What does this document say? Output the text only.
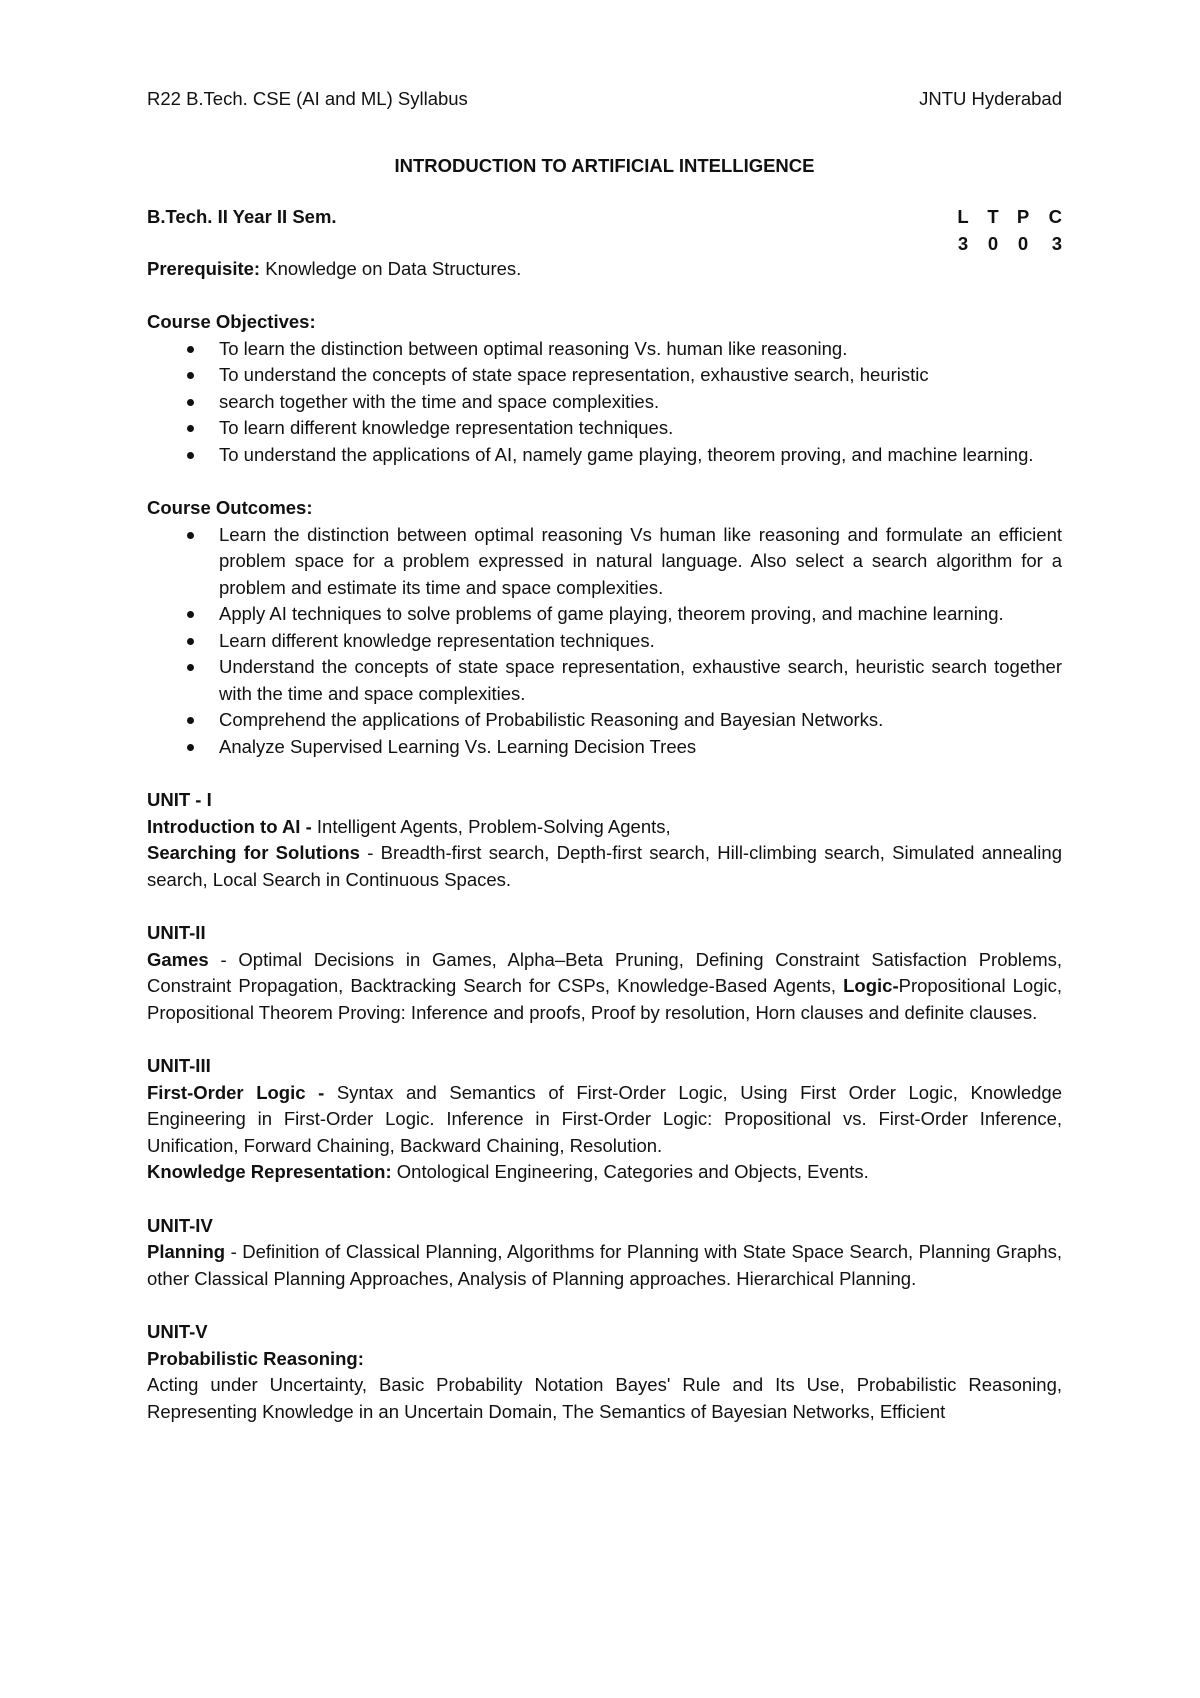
R22 B.Tech. CSE (AI and ML) Syllabus	JNTU Hyderabad
INTRODUCTION TO ARTIFICIAL INTELLIGENCE
B.Tech. II Year II Sem.	L	T	P	C
3	0	0	3
Prerequisite: Knowledge on Data Structures.
Course Objectives:
To learn the distinction between optimal reasoning Vs. human like reasoning.
To understand the concepts of state space representation, exhaustive search, heuristic
search together with the time and space complexities.
To learn different knowledge representation techniques.
To understand the applications of AI, namely game playing, theorem proving, and machine learning.
Course Outcomes:
Learn the distinction between optimal reasoning Vs human like reasoning and formulate an efficient problem space for a problem expressed in natural language. Also select a search algorithm for a problem and estimate its time and space complexities.
Apply AI techniques to solve problems of game playing, theorem proving, and machine learning.
Learn different knowledge representation techniques.
Understand the concepts of state space representation, exhaustive search, heuristic search together with the time and space complexities.
Comprehend the applications of Probabilistic Reasoning and Bayesian Networks.
Analyze Supervised Learning Vs. Learning Decision Trees

UNIT - I

Introduction to AI - Intelligent Agents, Problem-Solving Agents,

Searching for Solutions - Breadth-first search, Depth-first search, Hill-climbing search, Simulated annealing search, Local Search in Continuous Spaces.

UNIT-II

Games - Optimal Decisions in Games, Alpha–Beta Pruning, Defining Constraint Satisfaction Problems, Constraint Propagation, Backtracking Search for CSPs, Knowledge-Based Agents, Logic-Propositional Logic, Propositional Theorem Proving: Inference and proofs, Proof by resolution, Horn clauses and definite clauses.

UNIT-III

First-Order Logic - Syntax and Semantics of First-Order Logic, Using First Order Logic, Knowledge Engineering in First-Order Logic. Inference in First-Order Logic: Propositional vs. First-Order Inference, Unification, Forward Chaining, Backward Chaining, Resolution.

Knowledge Representation: Ontological Engineering, Categories and Objects, Events.

UNIT-IV

Planning - Definition of Classical Planning, Algorithms for Planning with State Space Search, Planning Graphs, other Classical Planning Approaches, Analysis of Planning approaches. Hierarchical Planning.

UNIT-V

Probabilistic Reasoning:

Acting under Uncertainty, Basic Probability Notation Bayes' Rule and Its Use, Probabilistic Reasoning, Representing Knowledge in an Uncertain Domain, The Semantics of Bayesian Networks, Efficient
